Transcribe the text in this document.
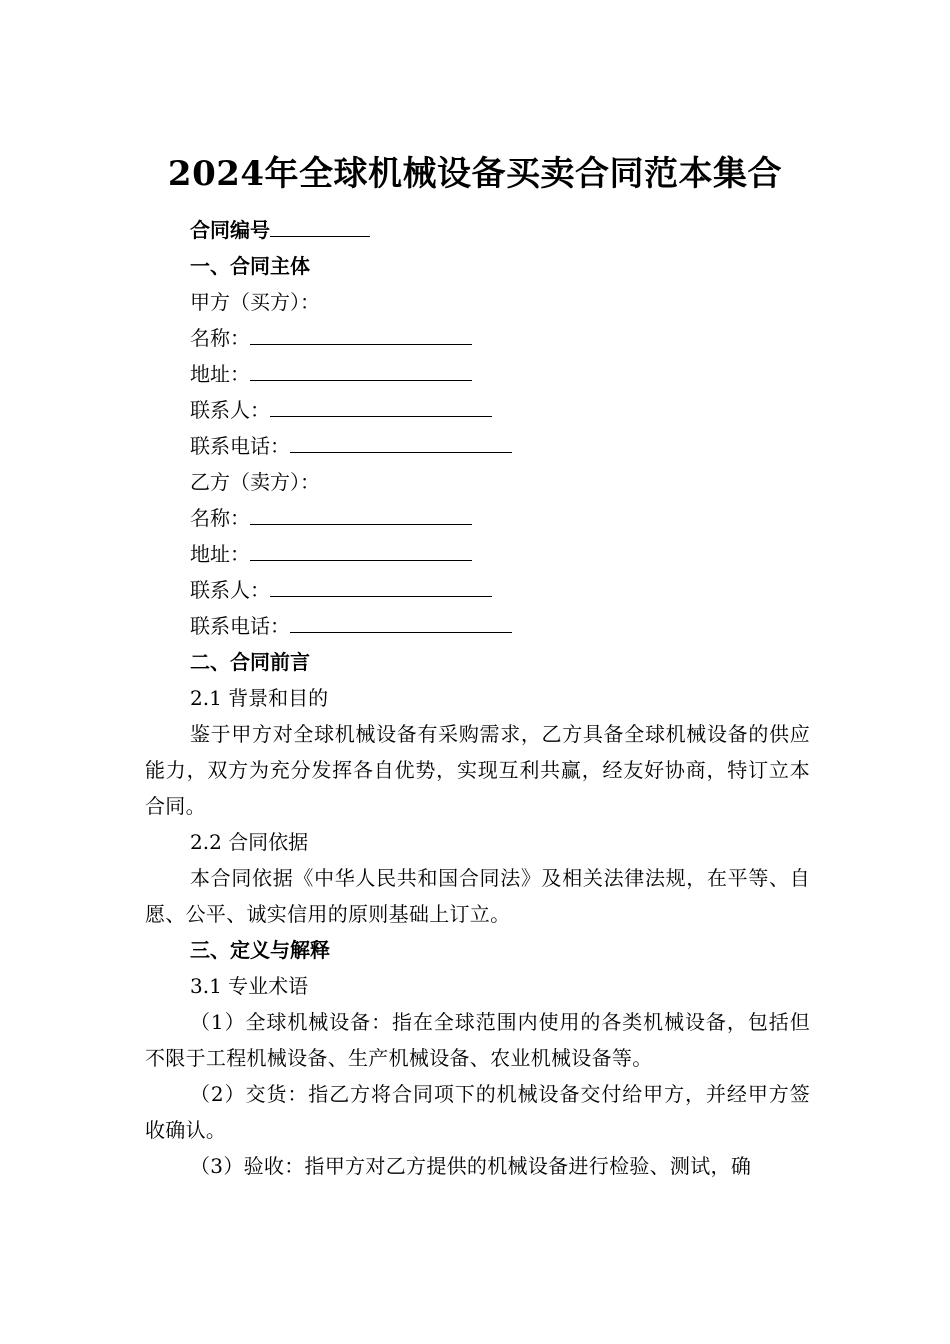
2024年全球机械设备买卖合同范本集合
合同编号
一、合同主体
甲方（买方）：
名称：
地址：
联系人：
联系电话：
乙方（卖方）：
名称：
地址：
联系人：
联系电话：
二、合同前言
2.1 背景和目的
鉴于甲方对全球机械设备有采购需求，乙方具备全球机械设备的供应能力，双方为充分发挥各自优势，实现互利共赢，经友好协商，特订立本合同。
2.2 合同依据
本合同依据《中华人民共和国合同法》及相关法律法规，在平等、自愿、公平、诚实信用的原则基础上订立。
三、定义与解释
3.1 专业术语
（1）全球机械设备：指在全球范围内使用的各类机械设备，包括但不限于工程机械设备、生产机械设备、农业机械设备等。
（2）交货：指乙方将合同项下的机械设备交付给甲方，并经甲方签收确认。
（3）验收：指甲方对乙方提供的机械设备进行检验、测试，确
